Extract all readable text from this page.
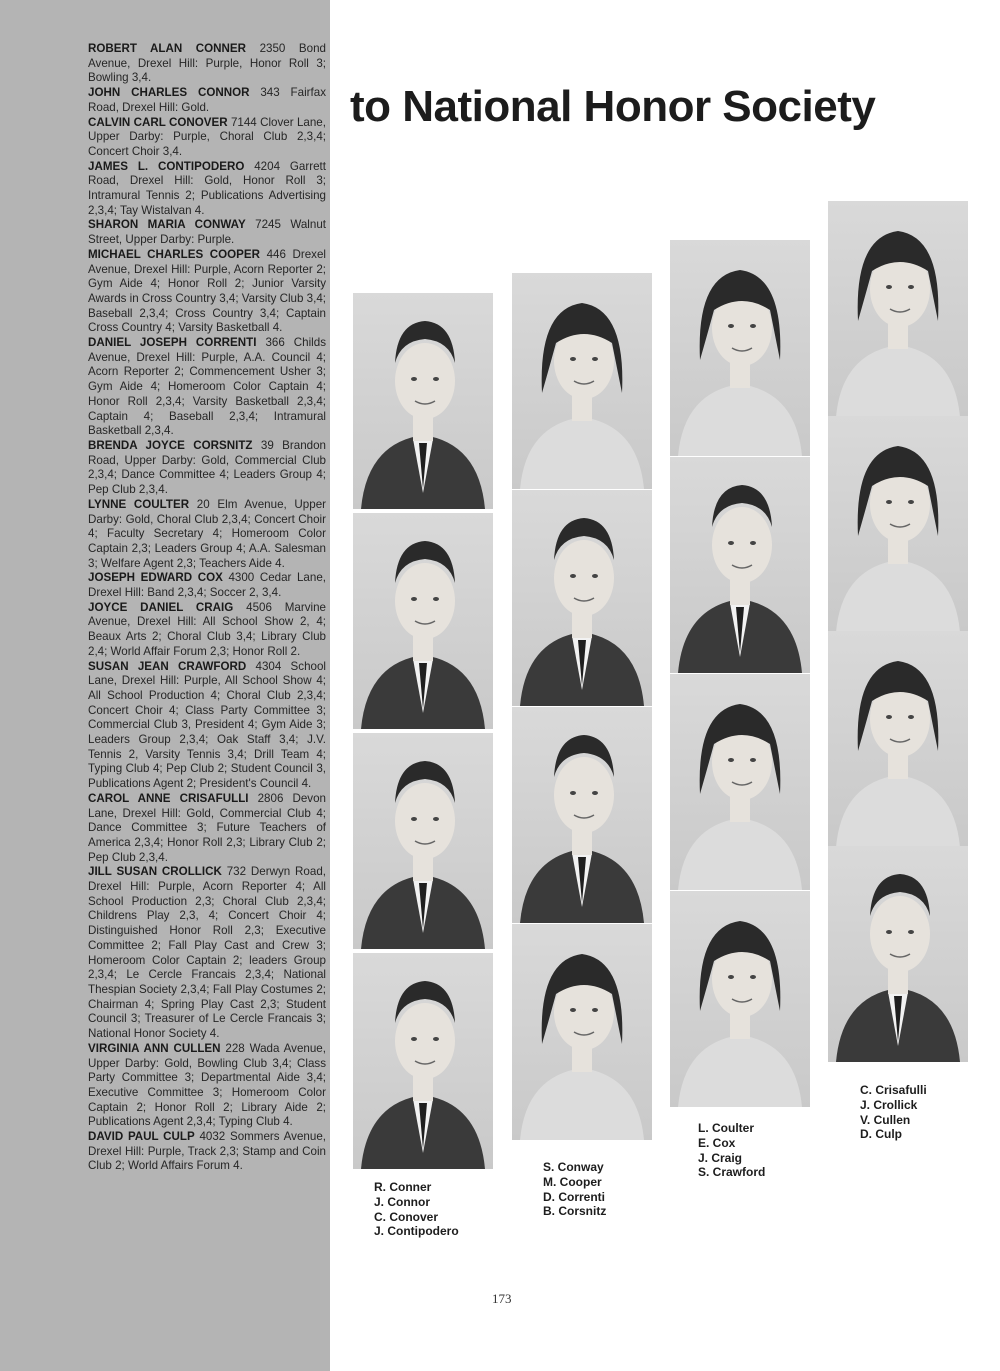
ROBERT ALAN CONNER 2350 Bond Avenue, Drexel Hill: Purple, Honor Roll 3; Bowling 3,4.

JOHN CHARLES CONNOR 343 Fairfax Road, Drexel Hill: Gold.

CALVIN CARL CONOVER 7144 Clover Lane, Upper Darby: Purple, Choral Club 2,3,4; Concert Choir 3,4.

JAMES L. CONTIPODERO 4204 Garrett Road, Drexel Hill: Gold, Honor Roll 3; Intramural Tennis 2; Publications Advertising 2,3,4; Tay Wistalvan 4.

SHARON MARIA CONWAY 7245 Walnut Street, Upper Darby: Purple.

MICHAEL CHARLES COOPER 446 Drexel Avenue, Drexel Hill: Purple, Acorn Reporter 2; Gym Aide 4; Honor Roll 2; Junior Varsity Awards in Cross Country 3,4; Varsity Club 3,4; Baseball 2,3,4; Cross Country 3,4; Captain Cross Country 4; Varsity Basketball 4.

DANIEL JOSEPH CORRENTI 366 Childs Avenue, Drexel Hill: Purple, A.A. Council 4; Acorn Reporter 2; Commencement Usher 3; Gym Aide 4; Homeroom Color Captain 4; Honor Roll 2,3,4; Varsity Basketball 2,3,4; Captain 4; Baseball 2,3,4; Intramural Basketball 2,3,4.

BRENDA JOYCE CORSNITZ 39 Brandon Road, Upper Darby: Gold, Commercial Club 2,3,4; Dance Committee 4; Leaders Group 4; Pep Club 2,3,4.

LYNNE COULTER 20 Elm Avenue, Upper Darby: Gold, Choral Club 2,3,4; Concert Choir 4; Faculty Secretary 4; Homeroom Color Captain 2,3; Leaders Group 4; A.A. Salesman 3; Welfare Agent 2,3; Teachers Aide 4.

JOSEPH EDWARD COX 4300 Cedar Lane, Drexel Hill: Band 2,3,4; Soccer 2, 3,4.

JOYCE DANIEL CRAIG 4506 Marvine Avenue, Drexel Hill: All School Show 2, 4; Beaux Arts 2; Choral Club 3,4; Library Club 2,4; World Affair Forum 2,3; Honor Roll 2.

SUSAN JEAN CRAWFORD 4304 School Lane, Drexel Hill: Purple, All School Show 4; All School Production 4; Choral Club 2,3,4; Concert Choir 4; Class Party Committee 3; Commercial Club 3, President 4; Gym Aide 3; Leaders Group 2,3,4; Oak Staff 3,4; J.V. Tennis 2, Varsity Tennis 3,4; Drill Team 4; Typing Club 4; Pep Club 2; Student Council 3, Publications Agent 2; President's Council 4.

CAROL ANNE CRISAFULLI 2806 Devon Lane, Drexel Hill: Gold, Commercial Club 4; Dance Committee 3; Future Teachers of America 2,3,4; Honor Roll 2,3; Library Club 2; Pep Club 2,3,4.

JILL SUSAN CROLLICK 732 Derwyn Road, Drexel Hill: Purple, Acorn Reporter 4; All School Production 2,3; Choral Club 2,3,4; Childrens Play 2,3, 4; Concert Choir 4; Distinguished Honor Roll 2,3; Executive Committee 2; Fall Play Cast and Crew 3; Homeroom Color Captain 2; leaders Group 2,3,4; Le Cercle Francais 2,3,4; National Thespian Society 2,3,4; Fall Play Costumes 2; Chairman 4; Spring Play Cast 2,3; Student Council 3; Treasurer of Le Cercle Francais 3; National Honor Society 4.

VIRGINIA ANN CULLEN 228 Wada Avenue, Upper Darby: Gold, Bowling Club 3,4; Class Party Committee 3; Departmental Aide 3,4; Executive Committee 3; Homeroom Color Captain 2; Honor Roll 2; Library Aide 2; Publications Agent 2,3,4; Typing Club 4.

DAVID PAUL CULP 4032 Sommers Avenue, Drexel Hill: Purple, Track 2,3; Stamp and Coin Club 2; World Affairs Forum 4.

to National Honor Society
R. Conner
J. Connor
C. Conover
J. Contipodero
S. Conway
M. Cooper
D. Correnti
B. Corsnitz
L. Coulter
E. Cox
J. Craig
S. Crawford
C. Crisafulli
J. Crollick
V. Cullen
D. Culp
173
